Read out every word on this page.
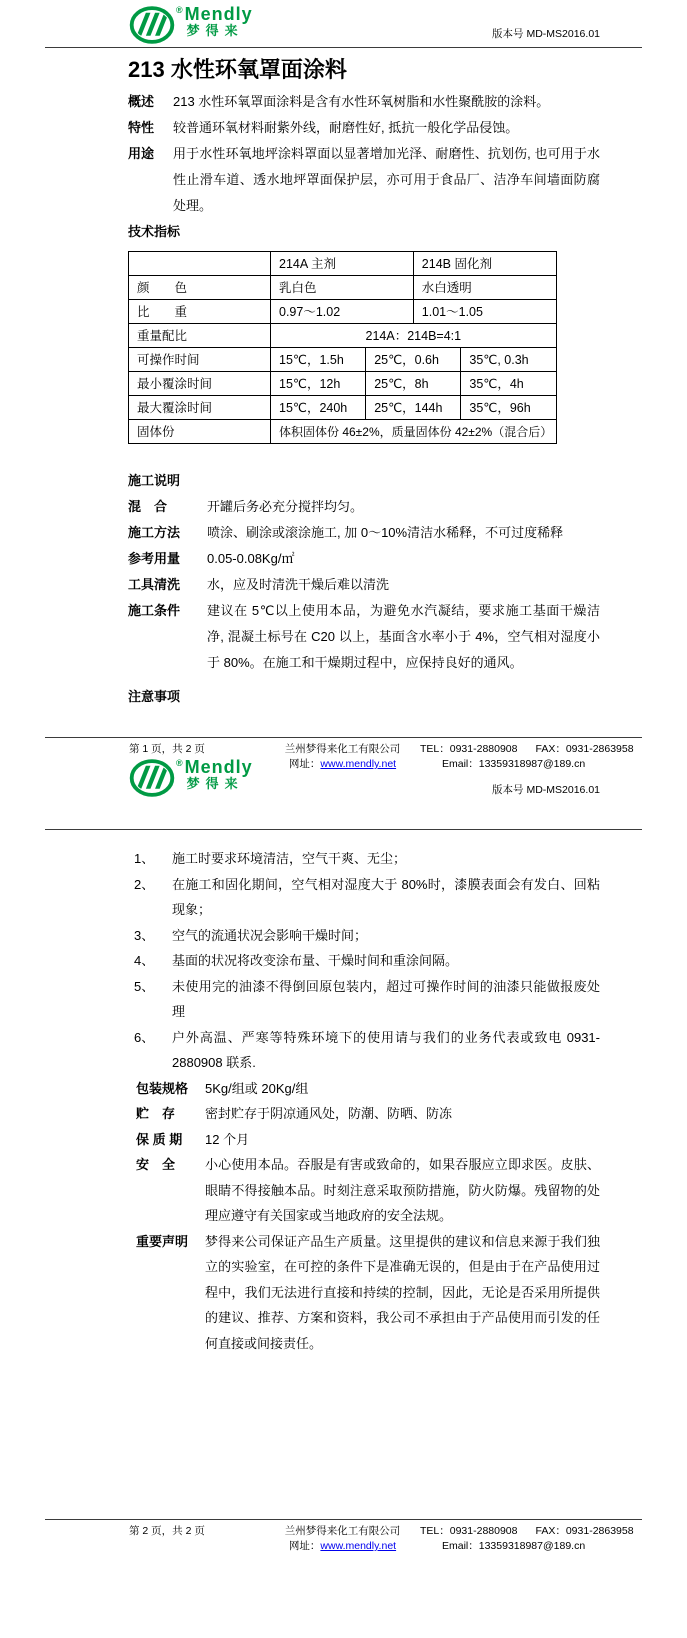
® Mendly
梦得来	版本号 MD-MS2016.01
213 水性环氧罩面涂料
概述	213 水性环氧罩面涂料是含有水性环氧树脂和水性聚酰胺的涂料。
特性	较普通环氧材料耐紫外线，耐磨性好, 抵抗一般化学品侵蚀。
用途	用于水性环氧地坪涂料罩面以显著增加光泽、耐磨性、抗划伤, 也可用于水性止滑车道、透水地坪罩面保护层，亦可用于食品厂、洁净车间墙面防腐处理。
技术指标
	214A 主剂		214B 固化剂	
颜　　色	乳白色		水白透明	
比　　重	0.97～1.02		1.01～1.05	
重量配比	214A：214B=4:1			
可操作时间	15℃，1.5h	25℃，0.6h		35℃, 0.3h
最小覆涂时间	15℃，12h	25℃，8h		35℃，4h
最大覆涂时间	15℃，240h	25℃，144h		35℃，96h
固体份	体积固体份 46±2%，质量固体份 42±2%（混合后）			
施工说明
混　合	开罐后务必充分搅拌均匀。
施工方法	喷涂、刷涂或滚涂施工, 加 0～10%清洁水稀释，不可过度稀释
参考用量	0.05-0.08Kg/㎡
工具清洗	水，应及时清洗干燥后难以清洗
施工条件	建议在 5℃以上使用本品，为避免水汽凝结，要求施工基面干燥洁净, 混凝土标号在 C20 以上，基面含水率小于 4%，空气相对湿度小于 80%。在施工和干燥期过程中，应保持良好的通风。
注意事项
第 1 页，共 2 页	兰州梦得来化工有限公司
网址：www.mendly.net
TEL：0931-2880908 FAX：0931-2863958
Email：13359318987@189.cn
® Mendly
梦得来	版本号 MD-MS2016.01
1、	施工时要求环境清洁，空气干爽、无尘；
2、	在施工和固化期间，空气相对湿度大于 80%时，漆膜表面会有发白、回粘现象；
3、	空气的流通状况会影响干燥时间；
4、	基面的状况将改变涂布量、干燥时间和重涂间隔。
5、	未使用完的油漆不得倒回原包装内，超过可操作时间的油漆只能做报废处理
6、	户外高温、严寒等特殊环境下的使用请与我们的业务代表或致电 0931-2880908 联系.
包装规格	5Kg/组或 20Kg/组
贮　存	密封贮存于阴凉通风处，防潮、防晒、防冻
保 质 期	12 个月
安　全	小心使用本品。吞服是有害或致命的，如果吞服应立即求医。皮肤、眼睛不得接触本品。时刻注意采取预防措施，防火防爆。残留物的处理应遵守有关国家或当地政府的安全法规。
重要声明	梦得来公司保证产品生产质量。这里提供的建议和信息来源于我们独立的实验室，在可控的条件下是准确无误的，但是由于在产品使用过程中，我们无法进行直接和持续的控制，因此，无论是否采用所提供的建议、推荐、方案和资料，我公司不承担由于产品使用而引发的任何直接或间接责任。
第 2 页，共 2 页	兰州梦得来化工有限公司
网址：www.mendly.net
TEL：0931-2880908 FAX：0931-2863958
Email：13359318987@189.cn
